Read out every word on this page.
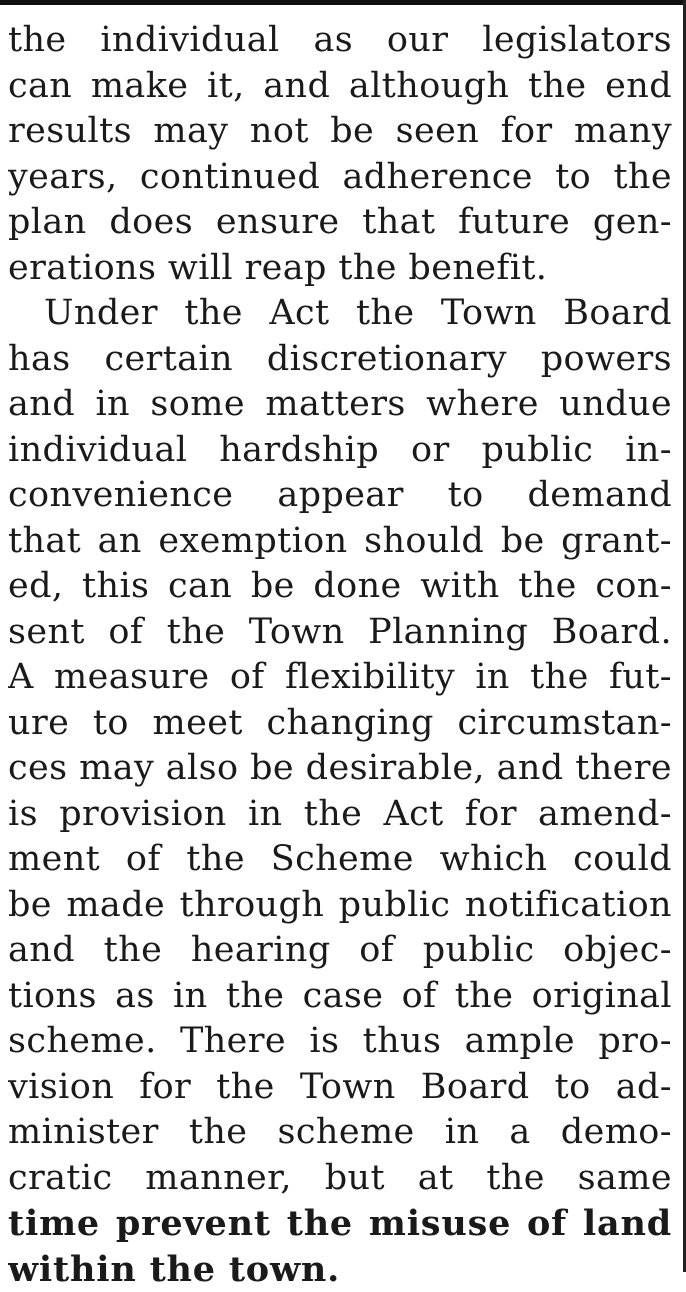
the individual as our legislators
can make it, and although the end
results may not be seen for many
years, continued adherence to the
plan does ensure that future gen-
erations will reap the benefit.
Under the Act the Town Board
has certain discretionary powers
and in some matters where undue
individual hardship or public in-
convenience appear to demand
that an exemption should be grant-
ed, this can be done with the con-
sent of the Town Planning Board.
A measure of flexibility in the fut-
ure to meet changing circumstan-
ces may also be desirable, and there
is provision in the Act for amend-
ment of the Scheme which could
be made through public notification
and the hearing of public objec-
tions as in the case of the original
scheme. There is thus ample pro-
vision for the Town Board to ad-
minister the scheme in a demo-
cratic manner, but at the same
time prevent the misuse of land
within the town.
